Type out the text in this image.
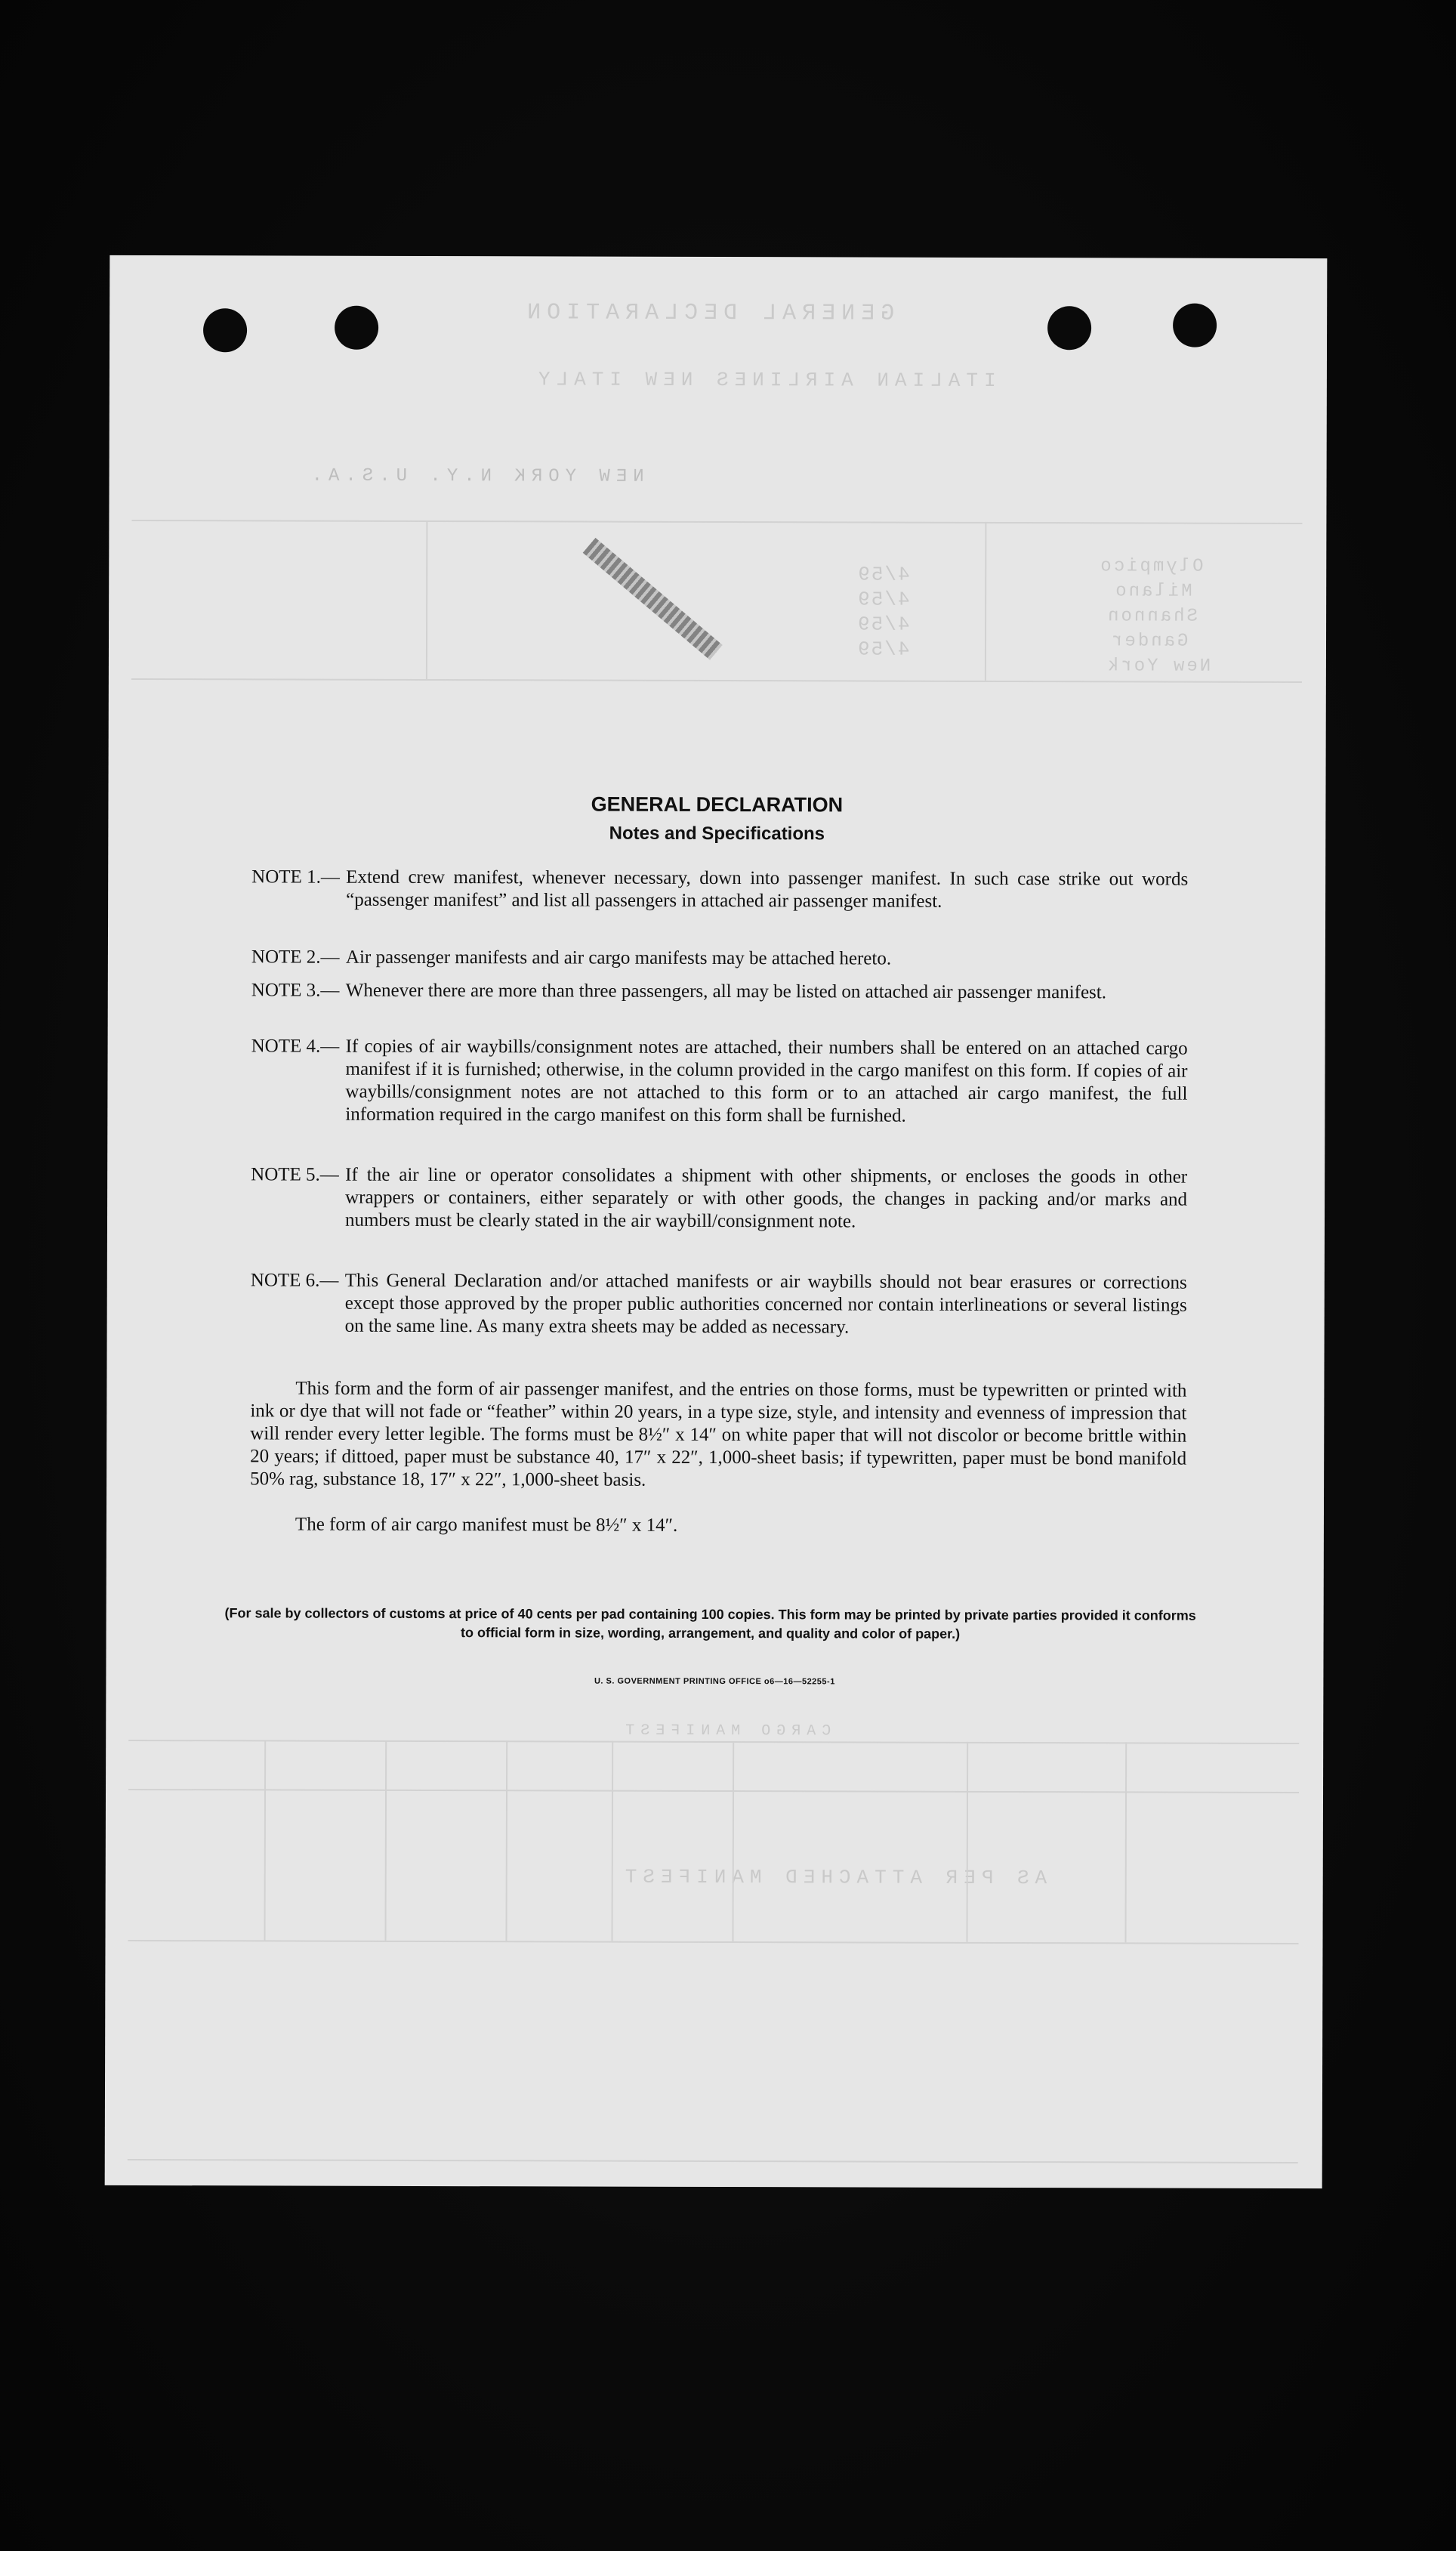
GENERAL DECLARATION
ITALIAN AIRLINES NEW ITALY
NEW YORK N.Y. U.S.A.
4/59
4/59
4/59
4/59
Olympico
Milano
Shannon
Gander
New York
CARGO MANIFEST
AS PER ATTACHED MANIFEST
GENERAL DECLARATION
Notes and Specifications
NOTE 1.— Extend crew manifest, whenever necessary, down into passenger manifest. In such case strike out words “passenger manifest” and list all passengers in attached air passenger manifest.
NOTE 2.— Air passenger manifests and air cargo manifests may be attached hereto.
NOTE 3.— Whenever there are more than three passengers, all may be listed on attached air passenger manifest.
NOTE 4.— If copies of air waybills/consignment notes are attached, their numbers shall be entered on an attached cargo manifest if it is furnished; otherwise, in the column provided in the cargo manifest on this form. If copies of air waybills/consignment notes are not attached to this form or to an attached air cargo manifest, the full information required in the cargo manifest on this form shall be furnished.
NOTE 5.— If the air line or operator consolidates a shipment with other shipments, or encloses the goods in other wrappers or containers, either separately or with other goods, the changes in packing and/or marks and numbers must be clearly stated in the air waybill/consignment note.
NOTE 6.— This General Declaration and/or attached manifests or air waybills should not bear erasures or corrections except those approved by the proper public authorities concerned nor contain interlineations or several listings on the same line. As many extra sheets may be added as necessary.
This form and the form of air passenger manifest, and the entries on those forms, must be typewritten or printed with ink or dye that will not fade or “feather” within 20 years, in a type size, style, and intensity and evenness of impression that will render every letter legible. The forms must be 8½″ x 14″ on white paper that will not discolor or become brittle within 20 years; if dittoed, paper must be substance 40, 17″ x 22″, 1,000-sheet basis; if typewritten, paper must be bond manifold 50% rag, substance 18, 17″ x 22″, 1,000-sheet basis.
The form of air cargo manifest must be 8½″ x 14″.
(For sale by collectors of customs at price of 40 cents per pad containing 100 copies. This form may be printed by private parties provided it conforms to official form in size, wording, arrangement, and quality and color of paper.)
U. S. GOVERNMENT PRINTING OFFICE o6—16—52255-1
